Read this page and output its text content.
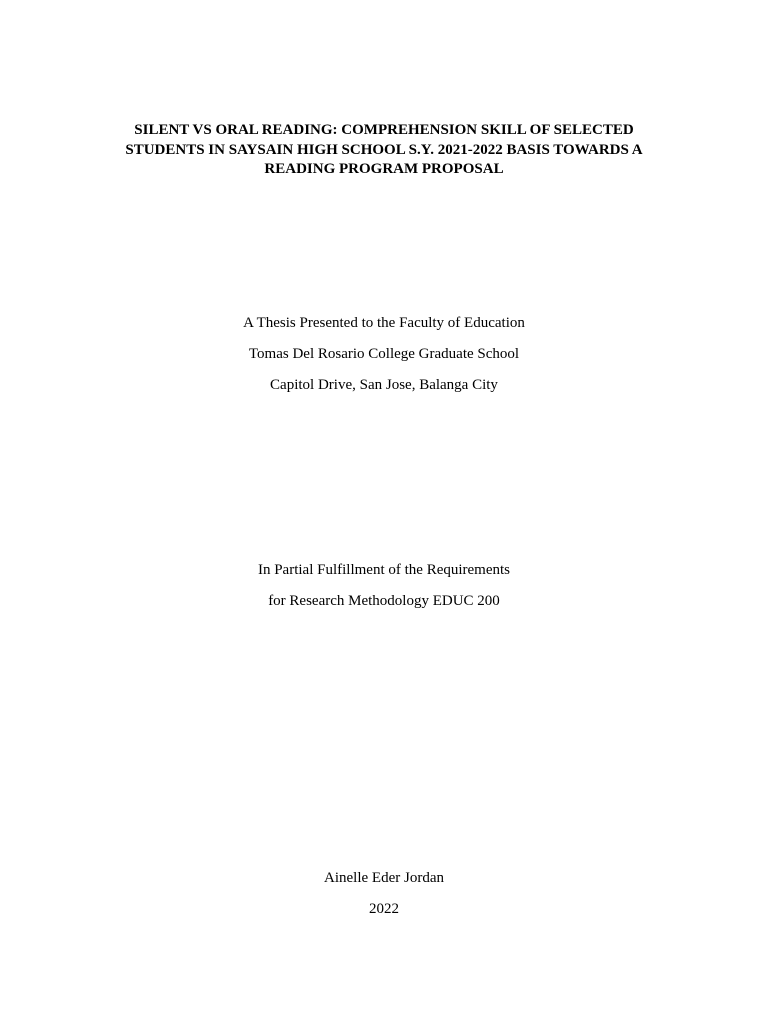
SILENT VS ORAL READING: COMPREHENSION SKILL OF SELECTED
STUDENTS IN SAYSAIN HIGH SCHOOL S.Y. 2021-2022 BASIS TOWARDS A
READING PROGRAM PROPOSAL

A Thesis Presented to the Faculty of Education

Tomas Del Rosario College Graduate School

Capitol Drive, San Jose, Balanga City

In Partial Fulfillment of the Requirements

for Research Methodology EDUC 200

Ainelle Eder Jordan

2022
